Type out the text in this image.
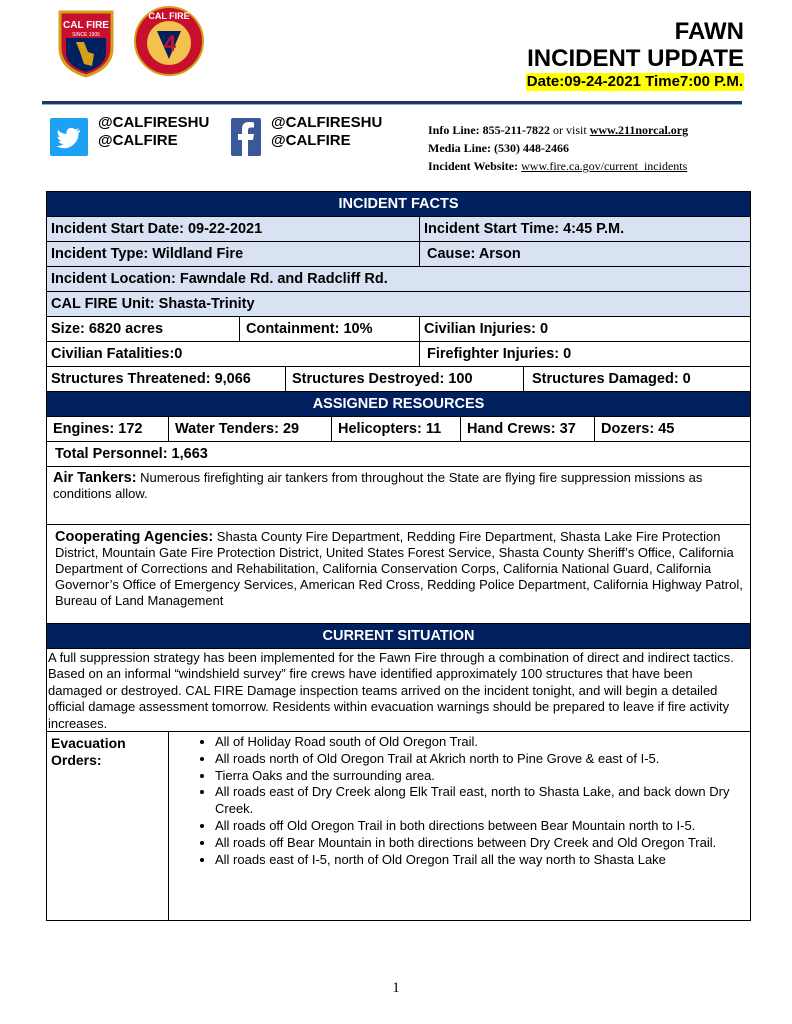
CAL FIRE
SINCE 1905
CAL FIRE
4	FAWN
INCIDENT UPDATE
Date:09-24-2021 Time7:00 P.M.
@CALFIRESHU
@CALFIRE
@CALFIRESHU
@CALFIRE
Info Line: 855-211-7822 or visit www.211norcal.org
Media Line: (530) 448-2466
Incident Website: www.fire.ca.gov/current_incidents
INCIDENT FACTS
Incident Start Date: 09-22-2021	Incident Start Time: 4:45 P.M.
Incident Type: Wildland Fire	Cause: Arson
Incident Location: Fawndale Rd. and Radcliff Rd.
CAL FIRE Unit: Shasta-Trinity
Size: 6820 acres	Containment: 10%	Civilian Injuries: 0
Civilian Fatalities:0	Firefighter Injuries: 0
Structures Threatened: 9,066	Structures Destroyed: 100	Structures Damaged: 0
ASSIGNED RESOURCES
Engines: 172	Water Tenders: 29	Helicopters: 11	Hand Crews: 37	Dozers: 45
Total Personnel: 1,663
Air Tankers: Numerous firefighting air tankers from throughout the State are flying fire suppression missions as conditions allow.
Cooperating Agencies: Shasta County Fire Department, Redding Fire Department, Shasta Lake Fire Protection District, Mountain Gate Fire Protection District, United States Forest Service, Shasta County Sheriff’s Office, California Department of Corrections and Rehabilitation, California Conservation Corps, California National Guard, California Governor’s Office of Emergency Services, American Red Cross, Redding Police Department, California Highway Patrol, Bureau of Land Management
CURRENT SITUATION
A full suppression strategy has been implemented for the Fawn Fire through a combination of direct and indirect tactics. Based on an informal “windshield survey” fire crews have identified approximately 100 structures that have been damaged or destroyed. CAL FIRE Damage inspection teams arrived on the incident tonight, and will begin a detailed official damage assessment tomorrow. Residents within evacuation warnings should be prepared to leave if fire activity increases.
Evacuation Orders:
• All of Holiday Road south of Old Oregon Trail.
• All roads north of Old Oregon Trail at Akrich north to Pine Grove & east of I-5.
• Tierra Oaks and the surrounding area.
• All roads east of Dry Creek along Elk Trail east, north to Shasta Lake, and back down Dry Creek.
• All roads off Old Oregon Trail in both directions between Bear Mountain north to I-5.
• All roads off Bear Mountain in both directions between Dry Creek and Old Oregon Trail.
• All roads east of I-5, north of Old Oregon Trail all the way north to Shasta Lake
1
